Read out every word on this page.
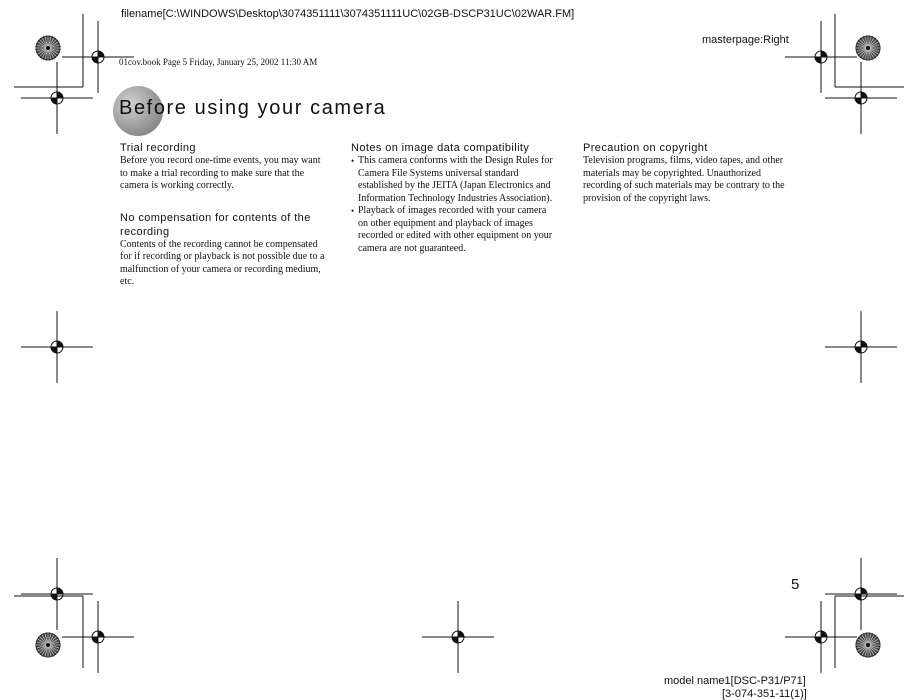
filename[C:\WINDOWS\Desktop\3074351111\3074351111UC\02GB-DSCP31UC\02WAR.FM]
masterpage:Right
01cov.book Page 5 Friday, January 25, 2002 11:30 AM
Before using your camera

Trial recording

Before you record one-time events, you may want to make a trial recording to make sure that the camera is working correctly.

No compensation for contents of the recording

Contents of the recording cannot be compensated for if recording or playback is not possible due to a malfunction of your camera or recording medium, etc.

Notes on image data compatibility

• This camera conforms with the Design Rules for Camera File Systems universal standard established by the JEITA (Japan Electronics and Information Technology Industries Association).
• Playback of images recorded with your camera on other equipment and playback of images recorded or edited with other equipment on your camera are not guaranteed.

Precaution on copyright

Television programs, films, video tapes, and other materials may be copyrighted. Unauthorized recording of such materials may be contrary to the provision of the copyright laws.

5
model name1[DSC-P31/P71]
[3-074-351-11(1)]
